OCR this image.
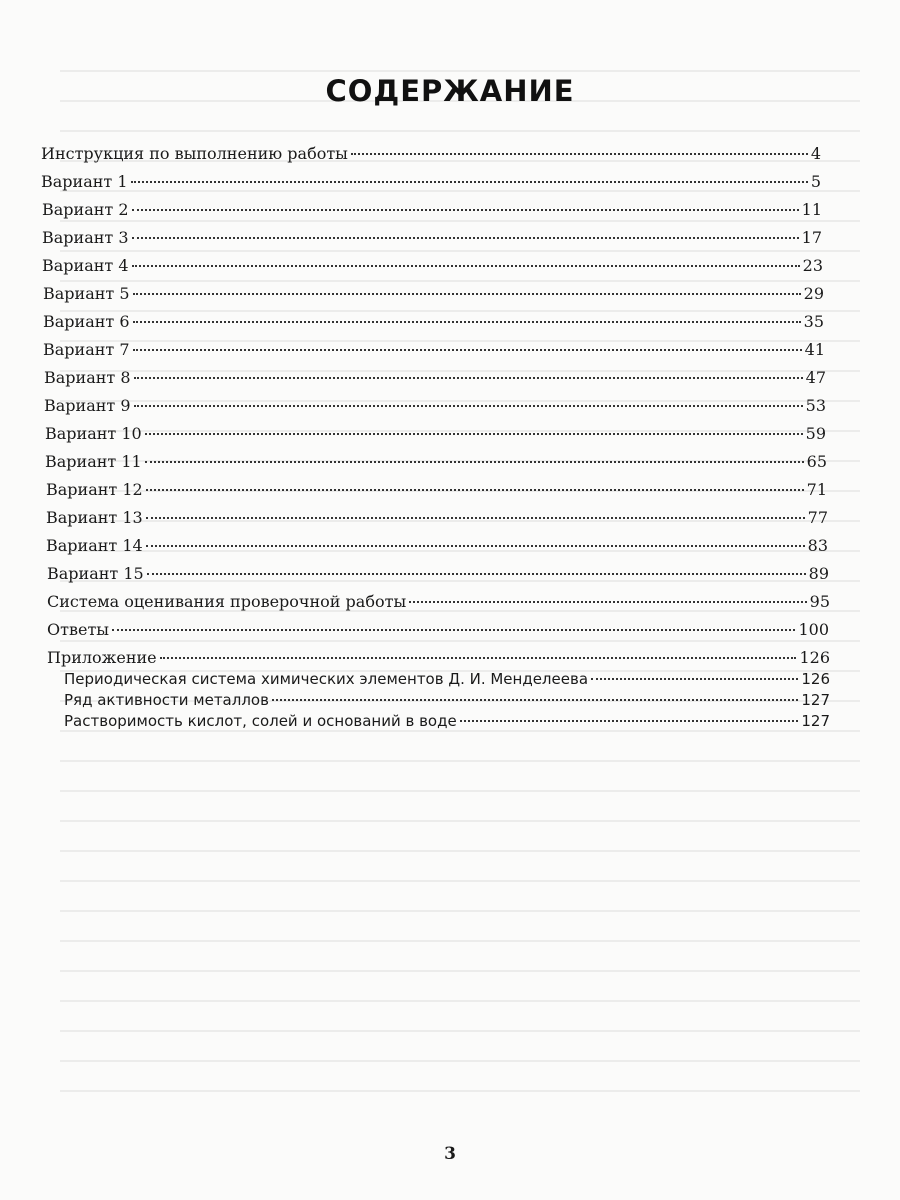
СОДЕРЖАНИЕ
Инструкция по выполнению работы	4
Вариант 1	5
Вариант 2	11
Вариант 3	17
Вариант 4	23
Вариант 5	29
Вариант 6	35
Вариант 7	41
Вариант 8	47
Вариант 9	53
Вариант 10	59
Вариант 11	65
Вариант 12	71
Вариант 13	77
Вариант 14	83
Вариант 15	89
Система оценивания проверочной работы	95
Ответы	100
Приложение	126
Периодическая система химических элементов Д. И. Менделеева	126
Ряд активности металлов	127
Растворимость кислот, солей и оснований в воде	127
3
